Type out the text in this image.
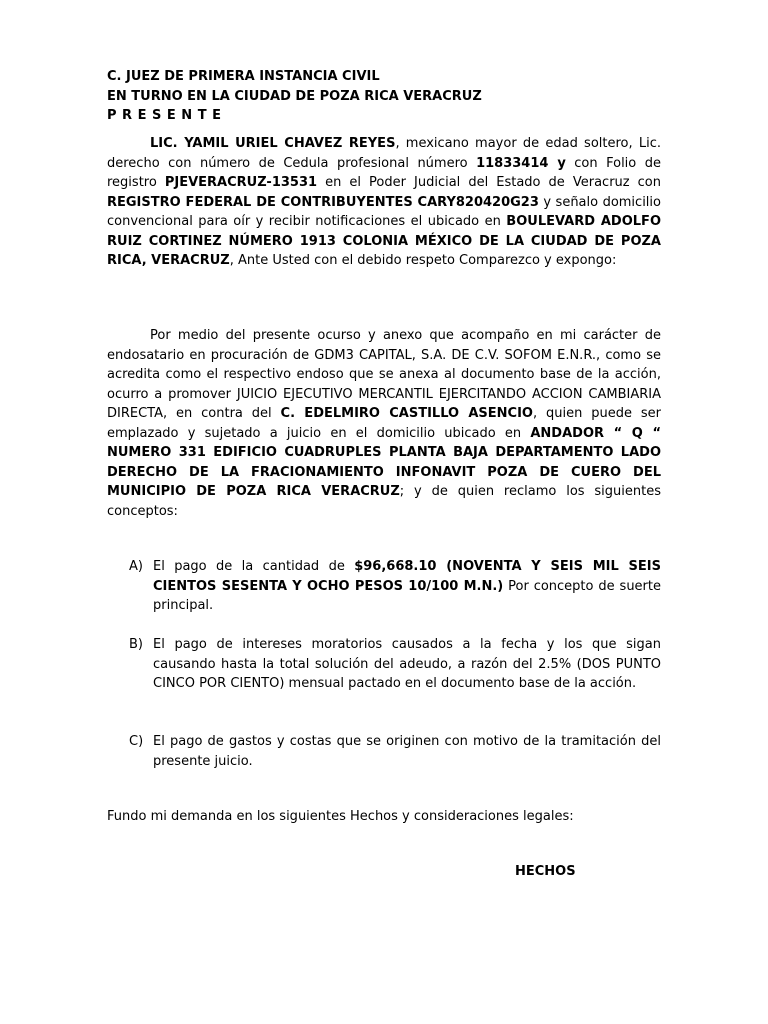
C. JUEZ DE PRIMERA INSTANCIA CIVIL

EN TURNO EN LA CIUDAD DE POZA RICA VERACRUZ

P R E S E N T E

LIC. YAMIL URIEL CHAVEZ REYES, mexicano mayor de edad soltero, Lic. derecho con número de Cedula profesional número 11833414 y con Folio de registro PJEVERACRUZ-13531 en el Poder Judicial del Estado de Veracruz con REGISTRO FEDERAL DE CONTRIBUYENTES CARY820420G23 y señalo domicilio convencional para oír y recibir notificaciones el ubicado en BOULEVARD ADOLFO RUIZ CORTINEZ NÚMERO 1913 COLONIA MÉXICO DE LA CIUDAD DE POZA RICA, VERACRUZ, Ante Usted con el debido respeto Comparezco y expongo:

Por medio del presente ocurso y anexo que acompaño en mi carácter de endosatario en procuración de GDM3 CAPITAL, S.A. DE C.V. SOFOM E.N.R., como se acredita como el respectivo endoso que se anexa al documento base de la acción, ocurro a promover JUICIO EJECUTIVO MERCANTIL EJERCITANDO ACCION CAMBIARIA DIRECTA, en contra del C. EDELMIRO CASTILLO ASENCIO, quien puede ser emplazado y sujetado a juicio en el domicilio ubicado en ANDADOR “ Q “ NUMERO 331 EDIFICIO CUADRUPLES PLANTA BAJA DEPARTAMENTO LADO DERECHO DE LA FRACIONAMIENTO INFONAVIT POZA DE CUERO DEL MUNICIPIO DE POZA RICA VERACRUZ; y de quien reclamo los siguientes conceptos:

A) El pago de la cantidad de $96,668.10 (NOVENTA Y SEIS MIL SEIS CIENTOS SESENTA Y OCHO PESOS 10/100 M.N.) Por concepto de suerte principal.
B) El pago de intereses moratorios causados a la fecha y los que sigan causando hasta la total solución del adeudo, a razón del 2.5% (DOS PUNTO CINCO POR CIENTO) mensual pactado en el documento base de la acción.
C) El pago de gastos y costas que se originen con motivo de la tramitación del presente juicio.

Fundo mi demanda en los siguientes Hechos y consideraciones legales:

HECHOS
